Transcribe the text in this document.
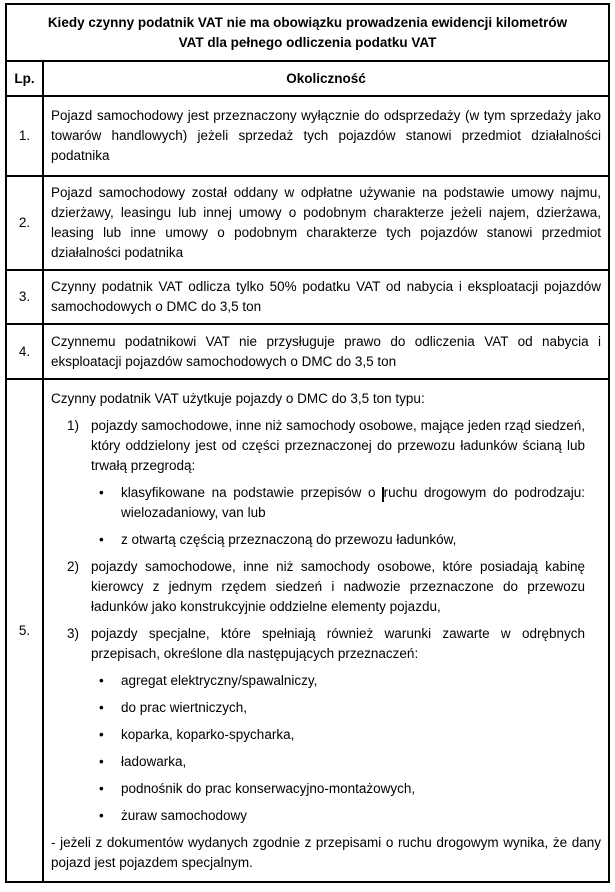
Kiedy czynny podatnik VAT nie ma obowiązku prowadzenia ewidencji kilometrów
VAT dla pełnego odliczenia podatku VAT	

Lp.	Okoliczność
1.	Pojazd samochodowy jest przeznaczony wyłącznie do odsprzedaży (w tym sprzedaży jako towarów handlowych) jeżeli sprzedaż tych pojazdów stanowi przedmiot działalności podatnika
2.	Pojazd samochodowy został oddany w odpłatne używanie na podstawie umowy najmu, dzierżawy, leasingu lub innej umowy o podobnym charakterze jeżeli najem, dzierżawa, leasing lub inne umowy o podobnym charakterze tych pojazdów stanowi przedmiot działalności podatnika
3.	Czynny podatnik VAT odlicza tylko 50% podatku VAT od nabycia i eksploatacji pojazdów samochodowych o DMC do 3,5 ton
4.	Czynnemu podatnikowi VAT nie przysługuje prawo do odliczenia VAT od nabycia i eksploatacji pojazdów samochodowych o DMC do 3,5 ton
5.	

Czynny podatnik VAT użytkuje pojazdy o DMC do 3,5 ton typu:

1) pojazdy samochodowe, inne niż samochody osobowe, mające jeden rząd siedzeń, który oddzielony jest od części przeznaczonej do przewozu ładunków ścianą lub trwałą przegrodą:
•	klasyfikowane na podstawie przepisów o ruchu drogowym do podrodzaju: wielozadaniowy, van lub
•	z otwartą częścią przeznaczoną do przewozu ładunków,
2) pojazdy samochodowe, inne niż samochody osobowe, które posiadają kabinę kierowcy z jednym rzędem siedzeń i nadwozie przeznaczone do przewozu ładunków jako konstrukcyjnie oddzielne elementy pojazdu,
3) pojazdy specjalne, które spełniają również warunki zawarte w odrębnych przepisach, określone dla następujących przeznaczeń:
•	agregat elektryczny/spawalniczy,
•	do prac wiertniczych,
•	koparka, koparko-spycharka,
•	ładowarka,
•	podnośnik do prac konserwacyjno-montażowych,
•	żuraw samochodowy

- jeżeli z dokumentów wydanych zgodnie z przepisami o ruchu drogowym wynika, że dany pojazd jest pojazdem specjalnym.
